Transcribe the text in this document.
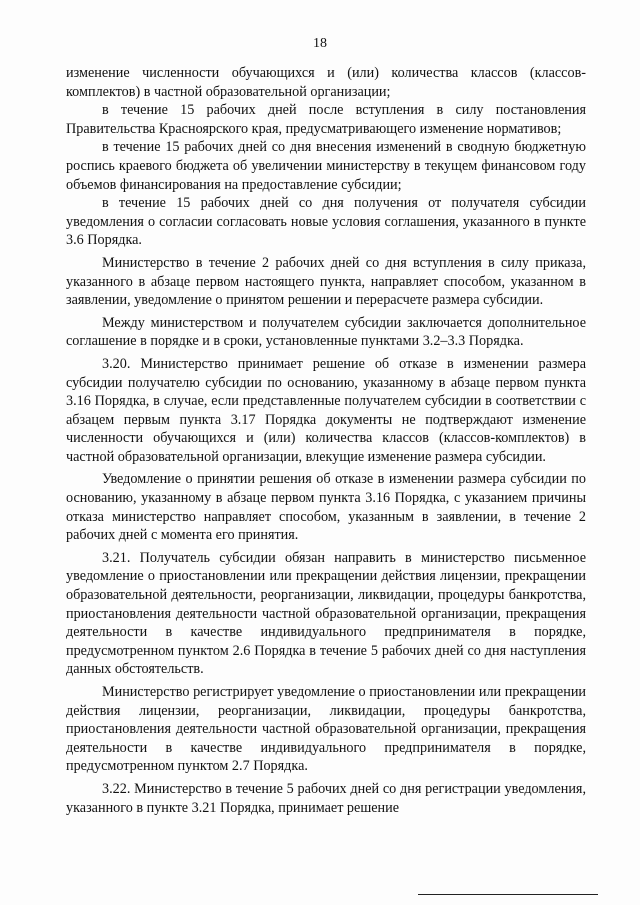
18

изменение численности обучающихся и (или) количества классов (классов-комплектов) в частной образовательной организации;

в течение 15 рабочих дней после вступления в силу постановления Правительства Красноярского края, предусматривающего изменение нормативов;

в течение 15 рабочих дней со дня внесения изменений в сводную бюджетную роспись краевого бюджета об увеличении министерству в текущем финансовом году объемов финансирования на предоставление субсидии;

в течение 15 рабочих дней со дня получения от получателя субсидии уведомления о согласии согласовать новые условия соглашения, указанного в пункте 3.6 Порядка.

Министерство в течение 2 рабочих дней со дня вступления в силу приказа, указанного в абзаце первом настоящего пункта, направляет способом, указанном в заявлении, уведомление о принятом решении и перерасчете размера субсидии.

Между министерством и получателем субсидии заключается дополнительное соглашение в порядке и в сроки, установленные пунктами 3.2–3.3 Порядка.

3.20. Министерство принимает решение об отказе в изменении размера субсидии получателю субсидии по основанию, указанному в абзаце первом пункта 3.16 Порядка, в случае, если представленные получателем субсидии в соответствии с абзацем первым пункта 3.17 Порядка документы не подтверждают изменение численности обучающихся и (или) количества классов (классов-комплектов) в частной образовательной организации, влекущие изменение размера субсидии.

Уведомление о принятии решения об отказе в изменении размера субсидии по основанию, указанному в абзаце первом пункта 3.16 Порядка, с указанием причины отказа министерство направляет способом, указанным в заявлении, в течение 2 рабочих дней с момента его принятия.

3.21. Получатель субсидии обязан направить в министерство письменное уведомление о приостановлении или прекращении действия лицензии, прекращении образовательной деятельности, реорганизации, ликвидации, процедуры банкротства, приостановления деятельности частной образовательной организации, прекращения деятельности в качестве индивидуального предпринимателя в порядке, предусмотренном пунктом 2.6 Порядка в течение 5 рабочих дней со дня наступления данных обстоятельств.

Министерство регистрирует уведомление о приостановлении или прекращении действия лицензии, реорганизации, ликвидации, процедуры банкротства, приостановления деятельности частной образовательной организации, прекращения деятельности в качестве индивидуального предпринимателя в порядке, предусмотренном пунктом 2.7 Порядка.

3.22. Министерство в течение 5 рабочих дней со дня регистрации уведомления, указанного в пункте 3.21 Порядка, принимает решение
